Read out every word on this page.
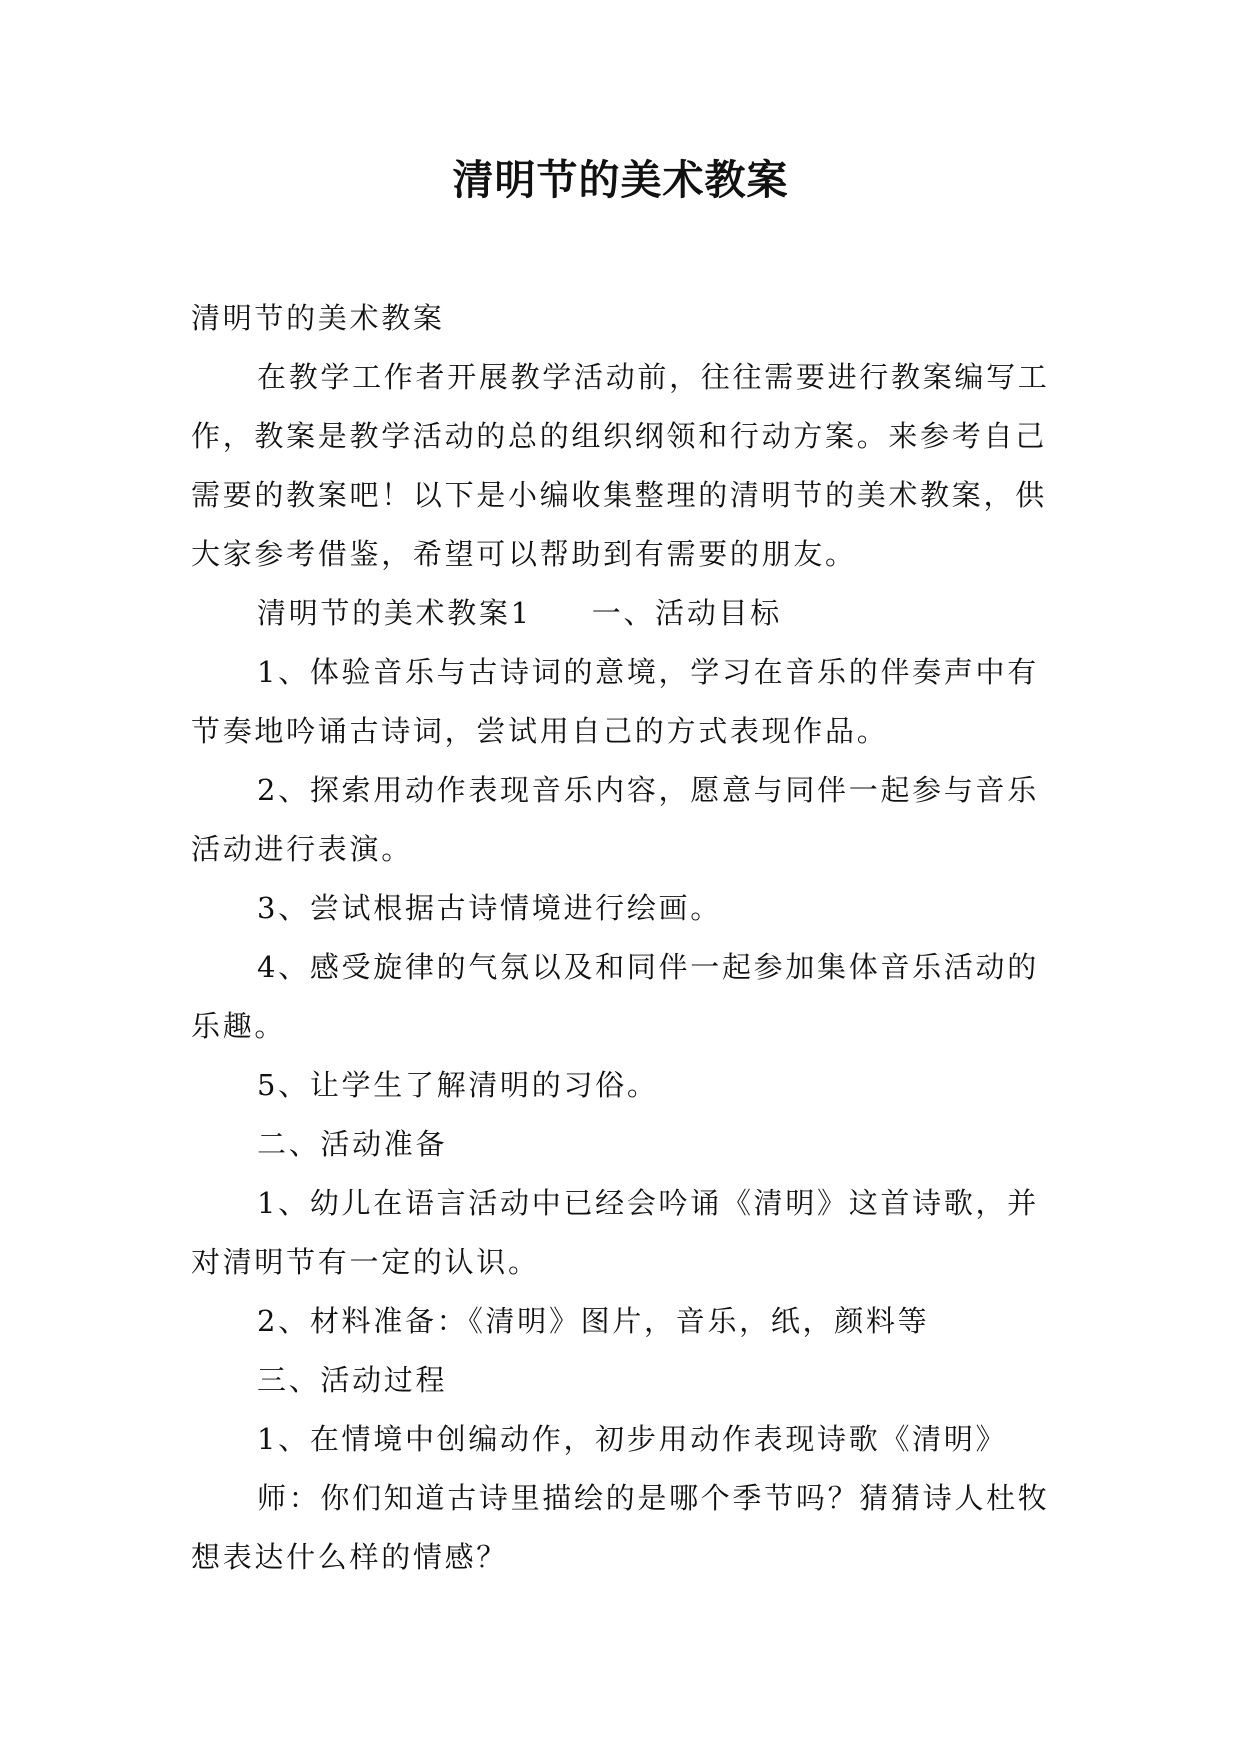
清明节的美术教案

清明节的美术教案

在教学工作者开展教学活动前，往往需要进行教案编写工作，教案是教学活动的总的组织纲领和行动方案。来参考自己需要的教案吧！以下是小编收集整理的清明节的美术教案，供大家参考借鉴，希望可以帮助到有需要的朋友。

清明节的美术教案1 一、活动目标

1、体验音乐与古诗词的意境，学习在音乐的伴奏声中有节奏地吟诵古诗词，尝试用自己的方式表现作品。

2、探索用动作表现音乐内容，愿意与同伴一起参与音乐活动进行表演。

3、尝试根据古诗情境进行绘画。

4、感受旋律的气氛以及和同伴一起参加集体音乐活动的乐趣。

5、让学生了解清明的习俗。

二、活动准备

1、幼儿在语言活动中已经会吟诵《清明》这首诗歌，并对清明节有一定的认识。

2、材料准备：《清明》图片，音乐，纸，颜料等

三、活动过程

1、在情境中创编动作，初步用动作表现诗歌《清明》

师：你们知道古诗里描绘的是哪个季节吗？猜猜诗人杜牧想表达什么样的情感？
